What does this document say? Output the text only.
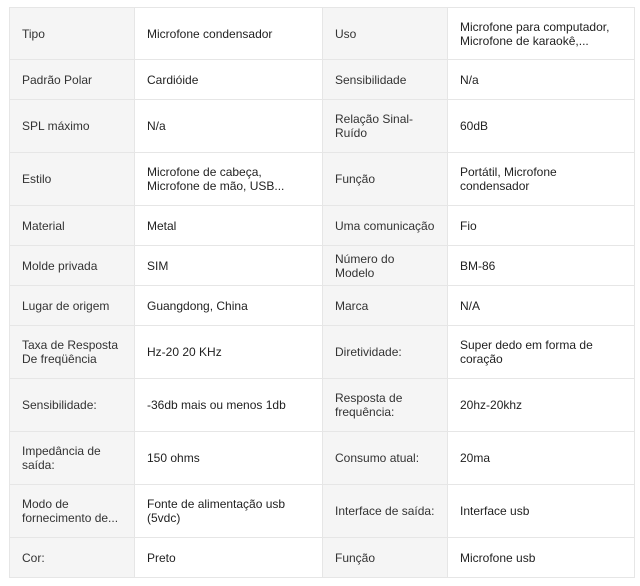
Tipo	Microfone condensador	Uso	Microfone para computador, Microfone de karaokê,...
Padrão Polar	Cardióide	Sensibilidade	N/a
SPL máximo	N/a	Relação Sinal-Ruído	60dB
Estilo	Microfone de cabeça, Microfone de mão, USB...	Função	Portátil, Microfone condensador
Material	Metal	Uma comunicação	Fio
Molde privada	SIM	Número do Modelo	BM-86
Lugar de origem	Guangdong, China	Marca	N/A
Taxa de Resposta De freqüência	Hz-20 20 KHz	Diretividade:	Super dedo em forma de coração
Sensibilidade:	-36db mais ou menos 1db	Resposta de frequência:	20hz-20khz
Impedância de saída:	150 ohms	Consumo atual:	20ma
Modo de fornecimento de...	Fonte de alimentação usb (5vdc)	Interface de saída:	Interface usb
Cor:	Preto	Função	Microfone usb
